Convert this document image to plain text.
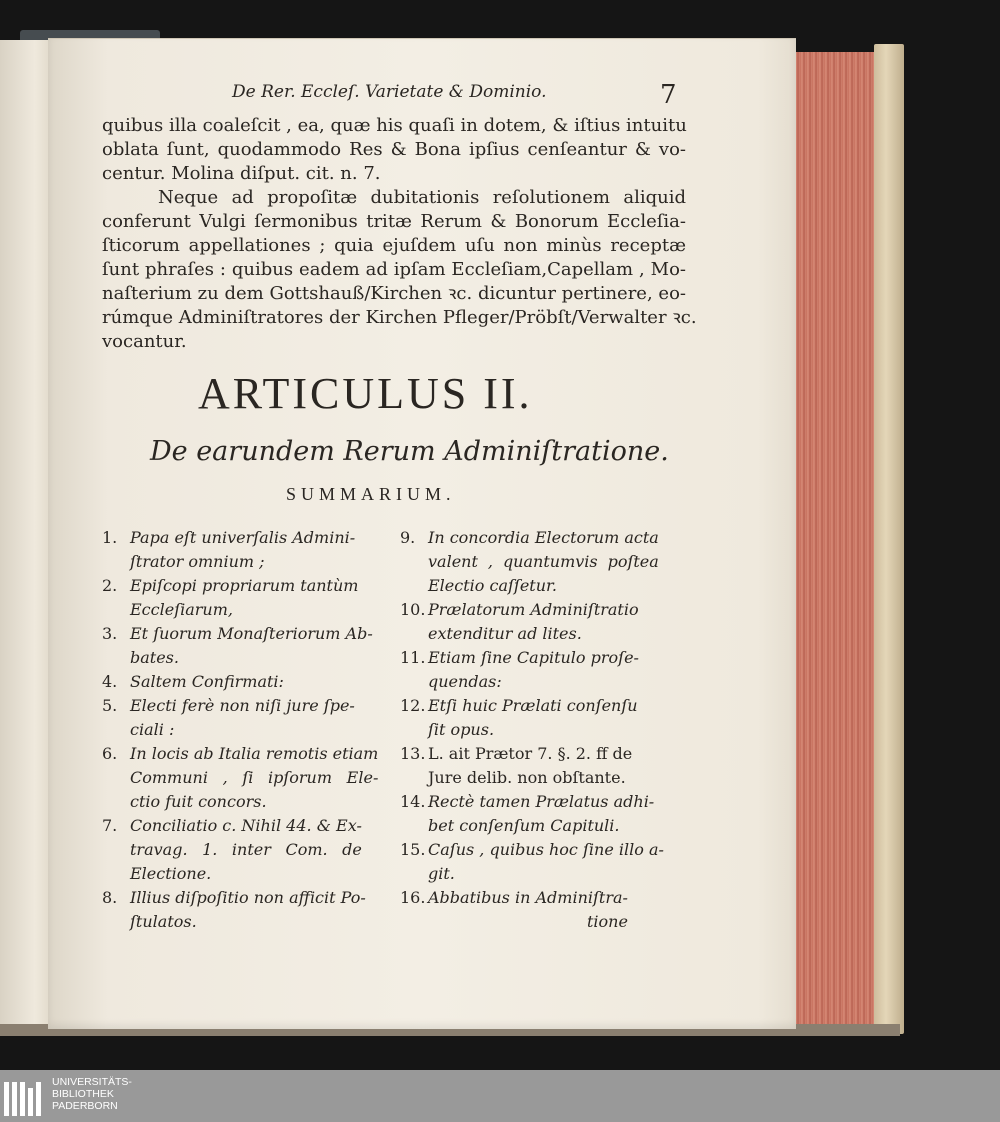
De Rer. Eccleſ. Varietate & Dominio.	7

quibus illa coaleſcit , ea, quæ his quaſi in dotem, & iſtius intuitu

oblata ſunt, quodammodo Res & Bona ipſius cenſeantur & vo-

centur. Molina diſput. cit. n. 7.

Neque ad propoſitæ dubitationis reſolutionem aliquid

conferunt Vulgi ſermonibus tritæ Rerum & Bonorum Eccleſia-

ſticorum appellationes ; quia ejuſdem uſu non minùs receptæ

ſunt phraſes : quibus eadem ad ipſam Eccleſiam,Capellam , Mo-

naſterium zu dem Gottshauß/Kirchen ꝛc. dicuntur pertinere, eo-

rúmque Adminiſtratores der Kirchen Pfleger/Pröbſt/Verwalter ꝛc.

vocantur.

ARTICULUS II.
De earundem Rerum Adminiſtratione.
SUMMARIUM.
1. Papa eſt univerſalis Admini-
ſtrator omnium ;
2. Epiſcopi propriarum tantùm
Eccleſiarum,
3. Et ſuorum Monaſteriorum Ab-
bates.
4. Saltem Confirmati:
5. Electi ferè non niſi jure ſpe-
ciali :
6. In locis ab Italia remotis etiam
Communi , ſi ipſorum Ele-
ctio fuit concors.
7. Conciliatio c. Nihil 44. & Ex-
travag. 1. inter Com. de
Electione.
8. Illius diſpoſitio non afficit Po-
ſtulatos.
9. In concordia Electorum acta
valent , quantumvis poſtea
Electio caſſetur.
10. Prælatorum Adminiſtratio
extenditur ad lites.
11. Etiam ſine Capitulo proſe-
quendas:
12. Etſi huic Prælati conſenſu
ſit opus.
13. L. ait Prætor 7. §. 2. ff de
Jure delib. non obſtante.
14. Rectè tamen Prælatus adhi-
bet conſenſum Capituli.
15. Caſus , quibus hoc ſine illo a-
git.
16. Abbatibus in Adminiſtra-
tione
UNIVERSITÄTS-
BIBLIOTHEK
PADERBORN
